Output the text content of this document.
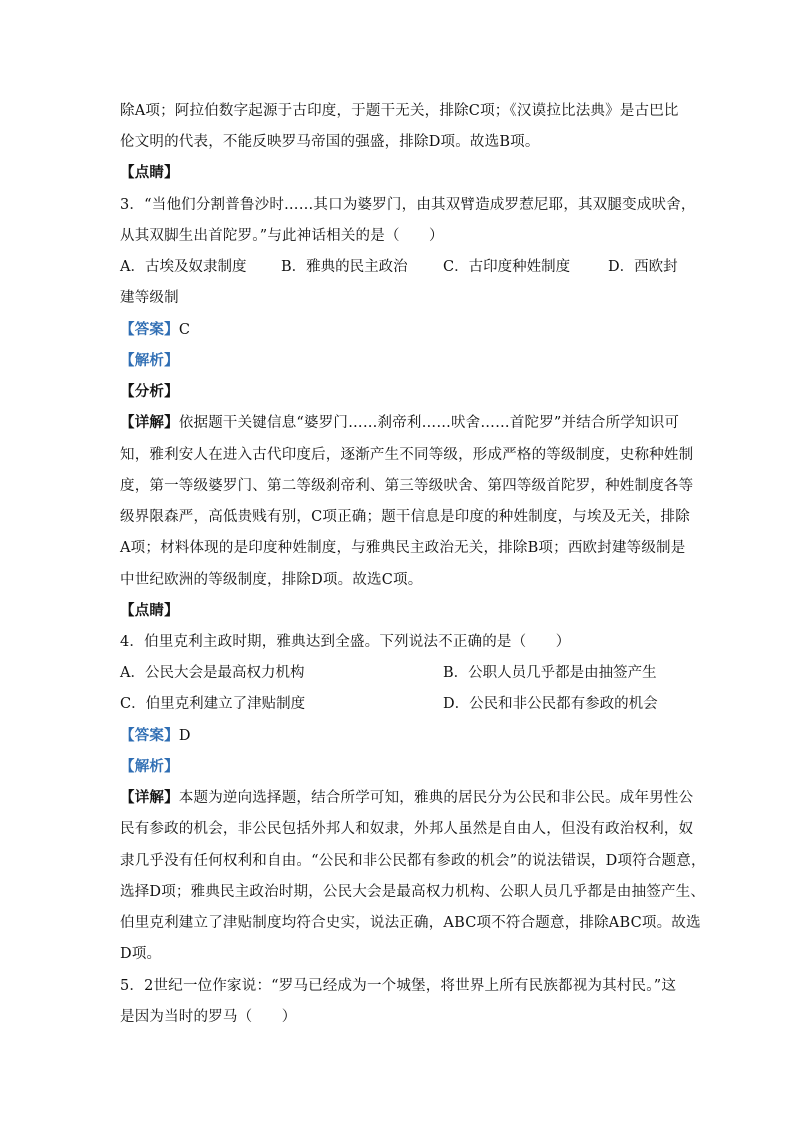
除A项；阿拉伯数字起源于古印度，于题干无关，排除C项；《汉谟拉比法典》是古巴比
伦文明的代表，不能反映罗马帝国的强盛，排除D项。故选B项。
【点睛】
3．“当他们分割普鲁沙时……其口为婆罗门，由其双臂造成罗惹尼耶，其双腿变成吠舍，
从其双脚生出首陀罗。”与此神话相关的是（　　）
A．古埃及奴隶制度 B．雅典的民主政治 C．古印度种姓制度	D．西欧封
建等级制
【答案】C
【解析】
【分析】
【详解】依据题干关键信息“婆罗门……刹帝利……吠舍……首陀罗”并结合所学知识可
知，雅利安人在进入古代印度后，逐渐产生不同等级，形成严格的等级制度，史称种姓制
度，第一等级婆罗门、第二等级刹帝利、第三等级吠舍、第四等级首陀罗，种姓制度各等
级界限森严，高低贵贱有别，C项正确；题干信息是印度的种姓制度，与埃及无关，排除
A项；材料体现的是印度种姓制度，与雅典民主政治无关，排除B项；西欧封建等级制是
中世纪欧洲的等级制度，排除D项。故选C项。
【点睛】
4．伯里克利主政时期，雅典达到全盛。下列说法不正确的是（　　）
A．公民大会是最高权力机构	B．公职人员几乎都是由抽签产生
C．伯里克利建立了津贴制度	D．公民和非公民都有参政的机会
【答案】D
【解析】
【详解】本题为逆向选择题，结合所学可知，雅典的居民分为公民和非公民。成年男性公
民有参政的机会，非公民包括外邦人和奴隶，外邦人虽然是自由人，但没有政治权利，奴
隶几乎没有任何权利和自由。“公民和非公民都有参政的机会”的说法错误，D项符合题意，
选择D项；雅典民主政治时期，公民大会是最高权力机构、公职人员几乎都是由抽签产生、
伯里克利建立了津贴制度均符合史实，说法正确，ABC项不符合题意，排除ABC项。故选
D项。
5．2世纪一位作家说：“罗马已经成为一个城堡，将世界上所有民族都视为其村民。”这
是因为当时的罗马（　　）
